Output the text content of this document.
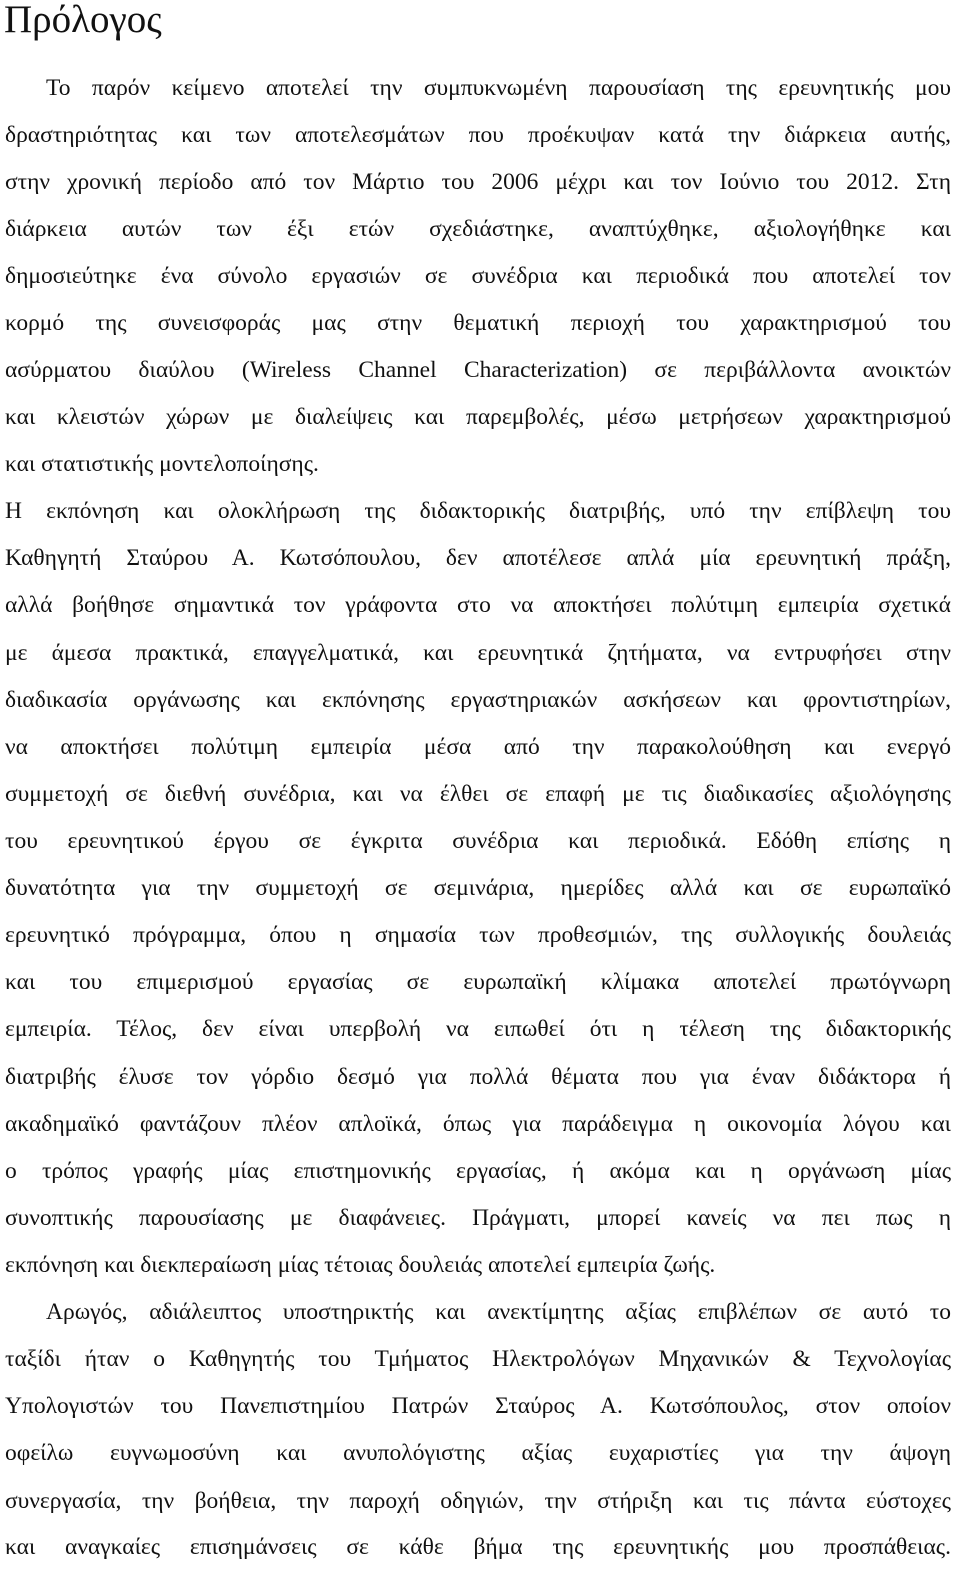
Πρόλογος
Το παρόν κείμενο αποτελεί την συμπυκνωμένη παρουσίαση της ερευνητικής μου
δραστηριότητας και των αποτελεσμάτων που προέκυψαν κατά την διάρκεια αυτής,
στην χρονική περίοδο από τον Μάρτιο του 2006 μέχρι και τον Ιούνιο του 2012. Στη
διάρκεια αυτών των έξι ετών σχεδιάστηκε, αναπτύχθηκε, αξιολογήθηκε και
δημοσιεύτηκε ένα σύνολο εργασιών σε συνέδρια και περιοδικά που αποτελεί τον
κορμό της συνεισφοράς μας στην θεματική περιοχή του χαρακτηρισμού του
ασύρματου διαύλου (Wireless Channel Characterization) σε περιβάλλοντα ανοικτών
και κλειστών χώρων με διαλείψεις και παρεμβολές, μέσω μετρήσεων χαρακτηρισμού
και στατιστικής μοντελοποίησης.
Η εκπόνηση και ολοκλήρωση της διδακτορικής διατριβής, υπό την επίβλεψη του
Καθηγητή Σταύρου Α. Κωτσόπουλου, δεν αποτέλεσε απλά μία ερευνητική πράξη,
αλλά βοήθησε σημαντικά τον γράφοντα στο να αποκτήσει πολύτιμη εμπειρία σχετικά
με άμεσα πρακτικά, επαγγελματικά, και ερευνητικά ζητήματα, να εντρυφήσει στην
διαδικασία οργάνωσης και εκπόνησης εργαστηριακών ασκήσεων και φροντιστηρίων,
να αποκτήσει πολύτιμη εμπειρία μέσα από την παρακολούθηση και ενεργό
συμμετοχή σε διεθνή συνέδρια, και να έλθει σε επαφή με τις διαδικασίες αξιολόγησης
του ερευνητικού έργου σε έγκριτα συνέδρια και περιοδικά. Εδόθη επίσης η
δυνατότητα για την συμμετοχή σε σεμινάρια, ημερίδες αλλά και σε ευρωπαϊκό
ερευνητικό πρόγραμμα, όπου η σημασία των προθεσμιών, της συλλογικής δουλειάς
και του επιμερισμού εργασίας σε ευρωπαϊκή κλίμακα αποτελεί πρωτόγνωρη
εμπειρία. Τέλος, δεν είναι υπερβολή να ειπωθεί ότι η τέλεση της διδακτορικής
διατριβής έλυσε τον γόρδιο δεσμό για πολλά θέματα που για έναν διδάκτορα ή
ακαδημαϊκό φαντάζουν πλέον απλοϊκά, όπως για παράδειγμα η οικονομία λόγου και
ο τρόπος γραφής μίας επιστημονικής εργασίας, ή ακόμα και η οργάνωση μίας
συνοπτικής παρουσίασης με διαφάνειες. Πράγματι, μπορεί κανείς να πει πως η
εκπόνηση και διεκπεραίωση μίας τέτοιας δουλειάς αποτελεί εμπειρία ζωής.
Αρωγός, αδιάλειπτος υποστηρικτής και ανεκτίμητης αξίας επιβλέπων σε αυτό το
ταξίδι ήταν ο Καθηγητής του Τμήματος Ηλεκτρολόγων Μηχανικών & Τεχνολογίας
Υπολογιστών του Πανεπιστημίου Πατρών Σταύρος Α. Κωτσόπουλος, στον οποίον
οφείλω ευγνωμοσύνη και ανυπολόγιστης αξίας ευχαριστίες για την άψογη
συνεργασία, την βοήθεια, την παροχή οδηγιών, την στήριξη και τις πάντα εύστοχες
και αναγκαίες επισημάνσεις σε κάθε βήμα της ερευνητικής μου προσπάθειας.
